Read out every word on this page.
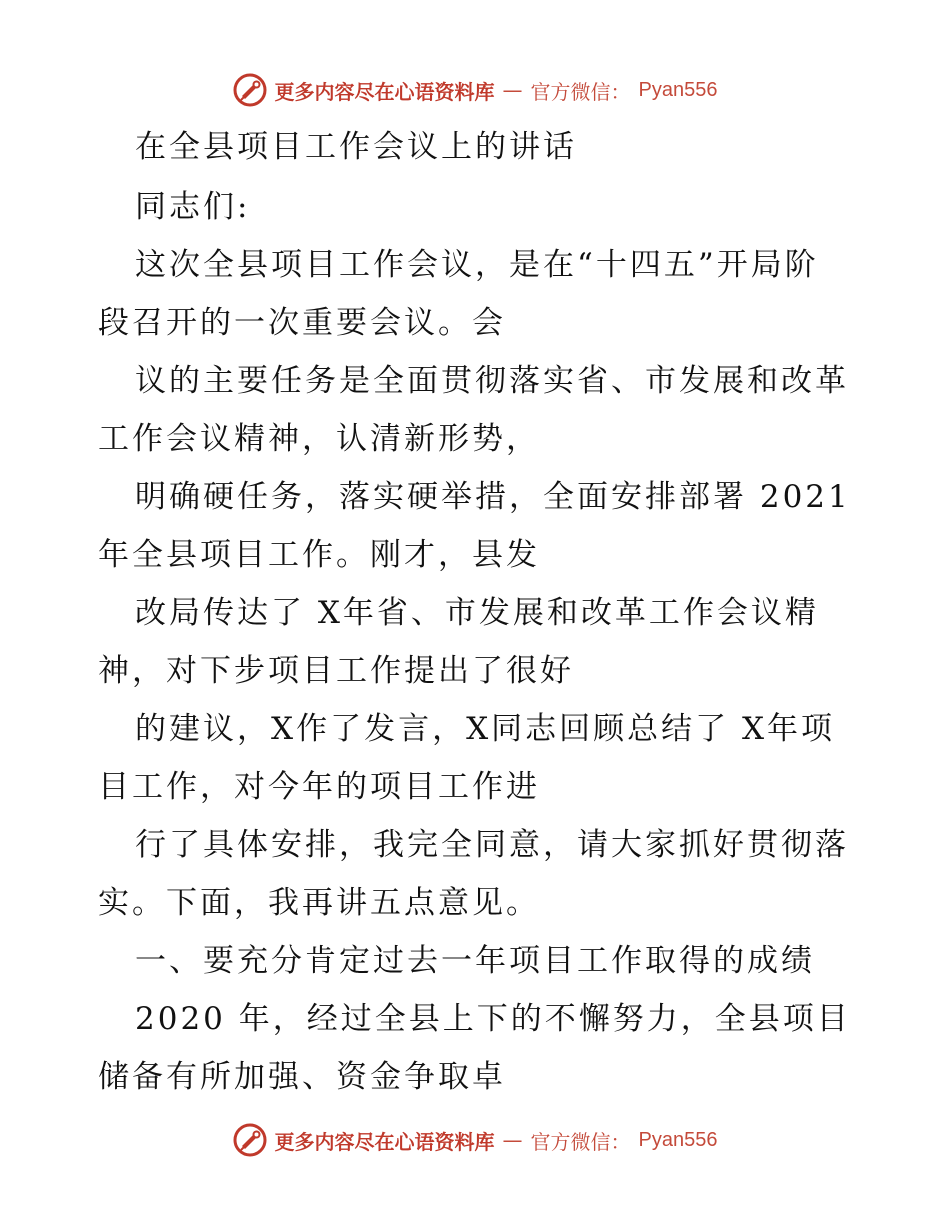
更多内容尽在心语资料库 — 官方微信： Pyan556
在全县项目工作会议上的讲话
同志们:
这次全县项目工作会议，是在“十四五”开局阶
段召开的一次重要会议。会
议的主要任务是全面贯彻落实省、市发展和改革
工作会议精神，认清新形势，
明确硬任务，落实硬举措，全面安排部署 2021
年全县项目工作。刚才，县发
改局传达了 X年省、市发展和改革工作会议精
神，对下步项目工作提出了很好
的建议，X作了发言，X同志回顾总结了 X年项
目工作，对今年的项目工作进
行了具体安排，我完全同意，请大家抓好贯彻落
实。下面，我再讲五点意见。
一、要充分肯定过去一年项目工作取得的成绩
2020 年，经过全县上下的不懈努力，全县项目
储备有所加强、资金争取卓
更多内容尽在心语资料库 — 官方微信： Pyan556
